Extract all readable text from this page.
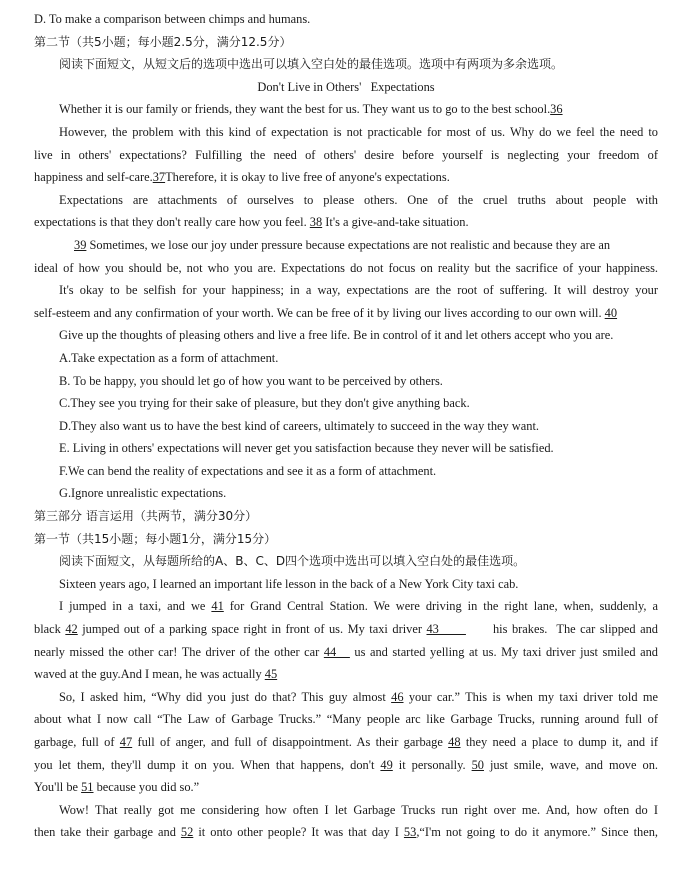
D. To make a comparison between chimps and humans.
第二节（共5小题；每小题2.5分，满分12.5分）
阅读下面短文，从短文后的选项中选出可以填入空白处的最佳选项。选项中有两项为多余选项。
Don't Live in Others'   Expectations
Whether it is our family or friends, they want the best for us. They want us to go to the best school.36
However, the problem with this kind of expectation is not practicable for most of us. Why do we feel the need to
live in others' expectations? Fulfilling the need of others' desire before yourself is neglecting your freedom of
happiness and self-care.37Therefore, it is okay to live free of anyone's expectations.
Expectations are attachments of ourselves to please others. One of the cruel truths about people with
expectations is that they don't really care how you feel. 38 It's a give-and-take situation.
39 Sometimes, we lose our joy under pressure because expectations are not realistic and because they are an
ideal of how you should be, not who you are. Expectations do not focus on reality but the sacrifice of your happiness.
It's okay to be selfish for your happiness; in a way, expectations are the root of suffering. It will destroy your
self-esteem and any confirmation of your worth. We can be free of it by living our lives according to our own will. 40
Give up the thoughts of pleasing others and live a free life. Be in control of it and let others accept who you are.
A.Take expectation as a form of attachment.
B. To be happy, you should let go of how you want to be perceived by others.
C.They see you trying for their sake of pleasure, but they don't give anything back.
D.They also want us to have the best kind of careers, ultimately to succeed in the way they want.
E. Living in others' expectations will never get you satisfaction because they never will be satisfied.
F.We can bend the reality of expectations and see it as a form of attachment.
G.Ignore unrealistic expectations.
第三部分 语言运用（共两节，满分30分）
第一节（共15小题；每小题1分，满分15分）
阅读下面短文，从每题所给的A、B、C、D四个选项中选出可以填入空白处的最佳选项。
Sixteen years ago, I learned an important life lesson in the back of a New York City taxi cab.
I jumped in a taxi, and we 41 for Grand Central Station. We were driving in the right lane, when, suddenly, a
black 42 jumped out of a parking space right in front of us. My taxi driver 43            his brakes.  The car slipped and
nearly missed the other car! The driver of the other car 44    us and started yelling at us. My taxi driver just smiled and
waved at the guy.And I mean, he was actually 45
So, I asked him, “Why did you just do that? This guy almost 46 your car.” This is when my taxi driver told me
about what I now call “The Law of Garbage Trucks.” “Many people arc like Garbage Trucks, running around full of
garbage, full of 47 full of anger, and full of disappointment. As their garbage 48 they need a place to dump it, and if
you let them, they'll dump it on you. When that happens, don't 49 it personally. 50 just smile, wave, and move on.
You'll be 51 because you did so.”
Wow! That really got me considering how often I let Garbage Trucks run right over me. And, how often do I
then take their garbage and 52 it onto other people? It was that day I 53,“I'm not going to do it anymore.” Since then,
